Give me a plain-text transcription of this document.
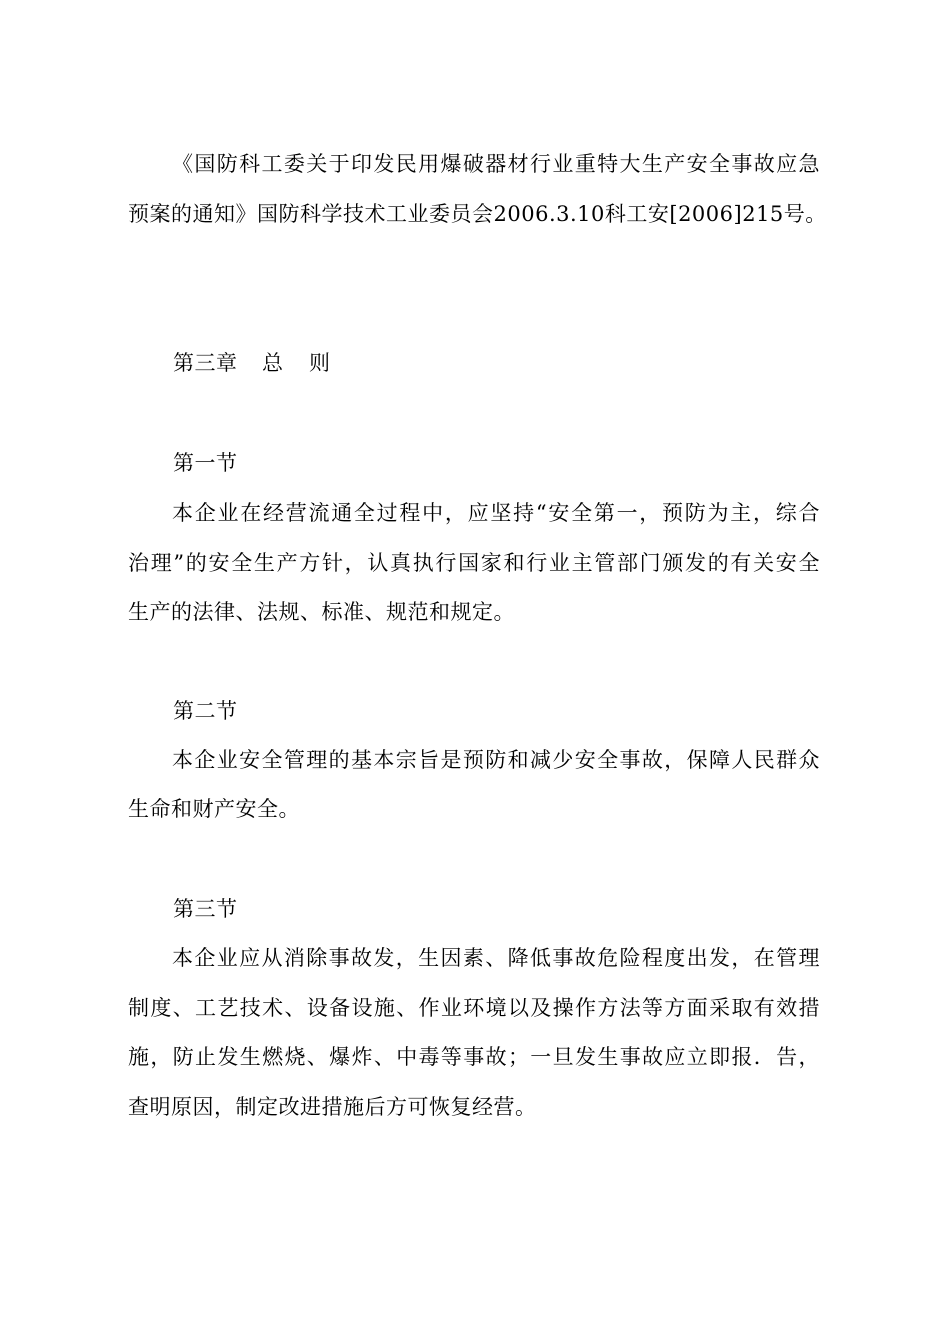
《国防科工委关于印发民用爆破器材行业重特大生产安全事故应急
预案的通知》国防科学技术工业委员会2006.3.10科工安[2006]215号。
第三章 总 则
第一节
本企业在经营流通全过程中，应坚持“安全第一，预防为主，综合
治理”的安全生产方针，认真执行国家和行业主管部门颁发的有关安全
生产的法律、法规、标准、规范和规定。
第二节
本企业安全管理的基本宗旨是预防和减少安全事故，保障人民群众
生命和财产安全。
第三节
本企业应从消除事故发，生因素、降低事故危险程度出发，在管理
制度、工艺技术、设备设施、作业环境以及操作方法等方面采取有效措
施，防止发生燃烧、爆炸、中毒等事故；一旦发生事故应立即报．告，
查明原因，制定改进措施后方可恢复经营。
